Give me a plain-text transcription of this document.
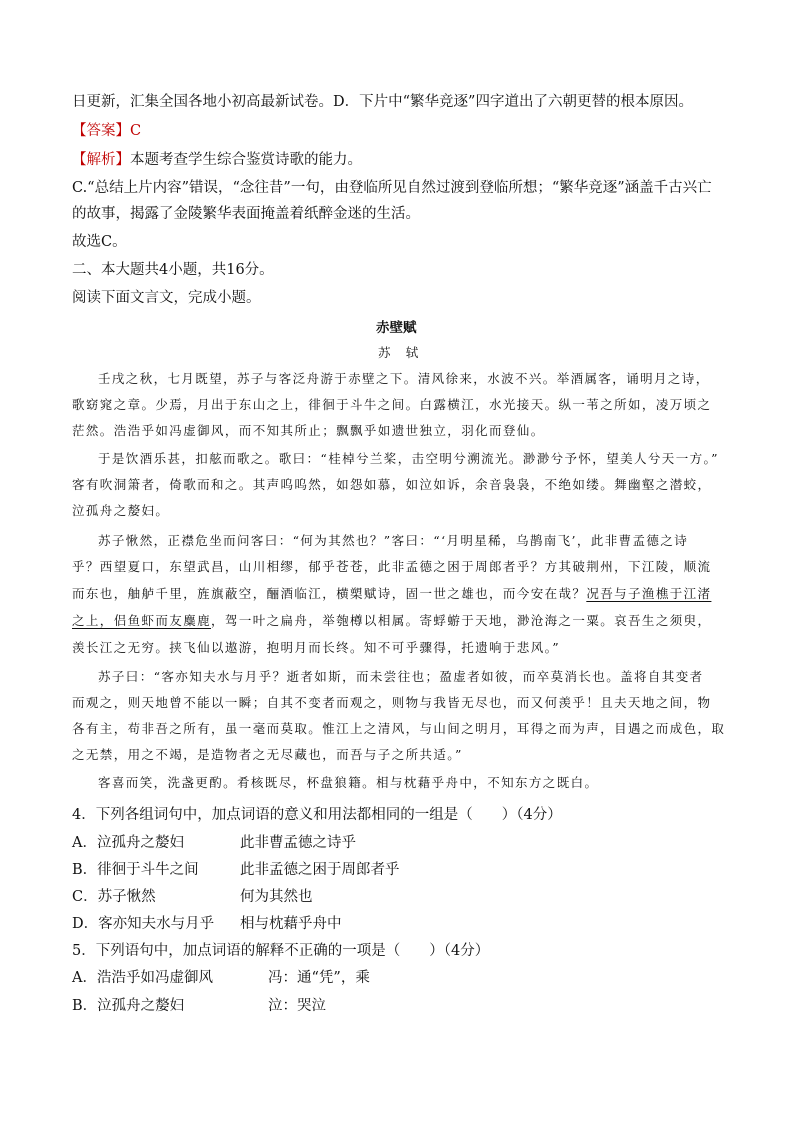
日更新，汇集全国各地小初高最新试卷。D．下片中“繁华竞逐”四字道出了六朝更替的根本原因。
【答案】C
【解析】本题考查学生综合鉴赏诗歌的能力。
C.“总结上片内容”错误，“念往昔”一句，由登临所见自然过渡到登临所想；“繁华竞逐”涵盖千古兴亡
的故事，揭露了金陵繁华表面掩盖着纸醉金迷的生活。
故选C。
二、本大题共4小题，共16分。
阅读下面文言文，完成小题。
赤壁赋
苏　轼
壬戌之秋，七月既望，苏子与客泛舟游于赤壁之下。清风徐来，水波不兴。举酒属客，诵明月之诗，
歌窈窕之章。少焉，月出于东山之上，徘徊于斗牛之间。白露横江，水光接天。纵一苇之所如，凌万顷之
茫然。浩浩乎如冯虚御风，而不知其所止；飘飘乎如遗世独立，羽化而登仙。
于是饮酒乐甚，扣舷而歌之。歌曰：“桂棹兮兰桨，击空明兮溯流光。渺渺兮予怀，望美人兮天一方。”
客有吹洞箫者，倚歌而和之。其声呜呜然，如怨如慕，如泣如诉，余音袅袅，不绝如缕。舞幽壑之潜蛟，
泣孤舟之嫠妇。
苏子愀然，正襟危坐而问客曰：“何为其然也？”客曰：“‘月明星稀，乌鹊南飞’，此非曹孟德之诗
乎？西望夏口，东望武昌，山川相缪，郁乎苍苍，此非孟德之困于周郎者乎？方其破荆州，下江陵，顺流
而东也，舳舻千里，旌旗蔽空，酾酒临江，横槊赋诗，固一世之雄也，而今安在哉？况吾与子渔樵于江渚
之上，侣鱼虾而友麋鹿，驾一叶之扁舟，举匏樽以相属。寄蜉蝣于天地，渺沧海之一粟。哀吾生之须臾，
羡长江之无穷。挟飞仙以遨游，抱明月而长终。知不可乎骤得，托遗响于悲风。”
苏子曰：“客亦知夫水与月乎？逝者如斯，而未尝往也；盈虚者如彼，而卒莫消长也。盖将自其变者
而观之，则天地曾不能以一瞬；自其不变者而观之，则物与我皆无尽也，而又何羡乎！且夫天地之间，物
各有主，苟非吾之所有，虽一毫而莫取。惟江上之清风，与山间之明月，耳得之而为声，目遇之而成色，取
之无禁，用之不竭，是造物者之无尽藏也，而吾与子之所共适。”
客喜而笑，洗盏更酌。肴核既尽，杯盘狼籍。相与枕藉乎舟中，不知东方之既白。
4．下列各组词句中，加点词语的意义和用法都相同的一组是（　　）（4分）
A．泣孤舟之嫠妇	此非曹孟德之诗乎
B．徘徊于斗牛之间	此非孟德之困于周郎者乎
C．苏子愀然	何为其然也
D．客亦知夫水与月乎 相与枕藉乎舟中
5．下列语句中，加点词语的解释不正确的一项是（　　）（4分）
A．浩浩乎如冯虚御风	冯：通“凭”，乘
B．泣孤舟之嫠妇	泣：哭泣
